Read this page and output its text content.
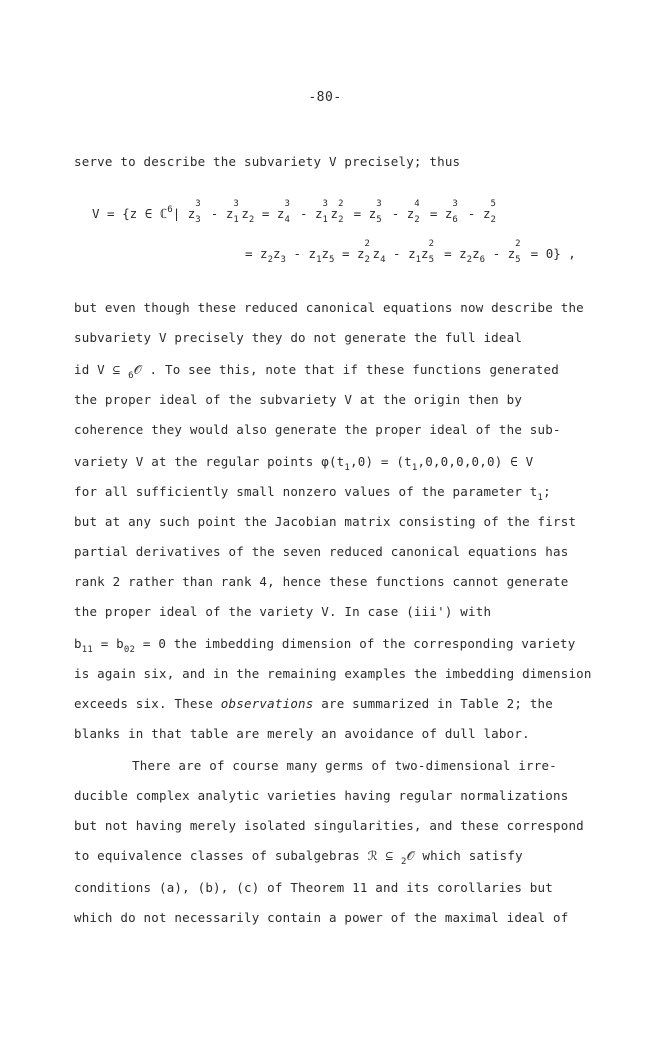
-80-
serve to describe the subvariety V precisely; thus
V = {z ∈ ℂ$^6$| z
3
3 - z
3
1 $z_2 = z$
3
4 - z
3
1 z
2
2 = z
3
5 - z
4
2 = z
3
6 - z
5
2
= $z_2z_3 - z_1z_5 = z$
2
2 $z_4 - z_1z$
2
$5 = z_2z_6 - z$
2
5 = 0} ,
but even though these reduced canonical equations now describe the
subvariety V precisely they do not generate the full ideal
id V ⊆ $_6$𝒪 . To see this, note that if these functions generated
the proper ideal of the subvariety V at the origin then by
coherence they would also generate the proper ideal of the sub-
variety V at the regular points $\varphi(t_1,0) = (t_1,0,0,0,0,0)$ ∈ V
for all sufficiently small nonzero values of the parameter $t_1$;
but at any such point the Jacobian matrix consisting of the first
partial derivatives of the seven reduced canonical equations has
rank 2 rather than rank 4, hence these functions cannot generate
the proper ideal of the variety V. In case (iii') with
$b_{11} = b_{02} = 0$ the imbedding dimension of the corresponding variety
is again six, and in the remaining examples the imbedding dimension
exceeds six. These observations are summarized in Table 2; the
blanks in that table are merely an avoidance of dull labor.
There are of course many germs of two-dimensional irre-
ducible complex analytic varieties having regular normalizations
but not having merely isolated singularities, and these correspond
to equivalence classes of subalgebras ℛ ⊆ $_2$𝒪 which satisfy
conditions (a), (b), (c) of Theorem 11 and its corollaries but
which do not necessarily contain a power of the maximal ideal of
